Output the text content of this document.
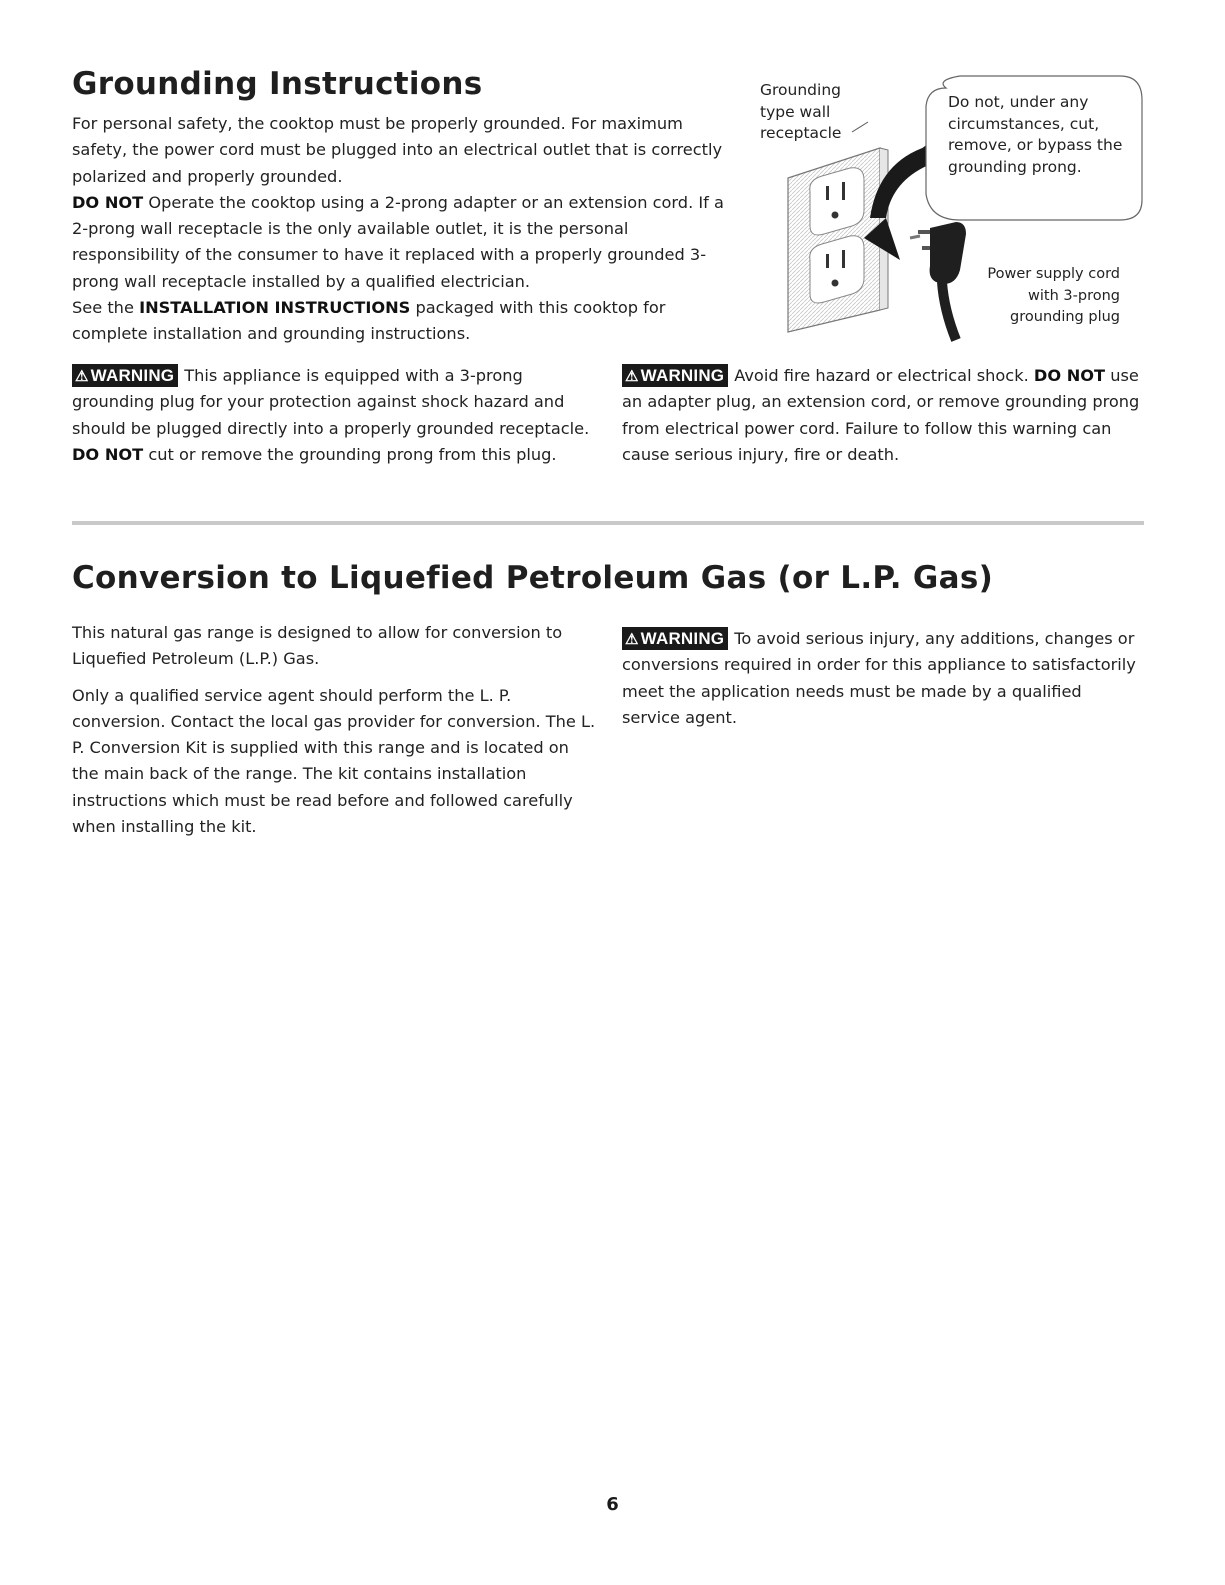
Grounding Instructions

For personal safety, the cooktop must be properly grounded. For maximum safety, the power cord must be plugged into an electrical outlet that is correctly polarized and properly grounded.

DO NOT Operate the cooktop using a 2-prong adapter or an extension cord. If a 2-prong wall receptacle is the only available outlet, it is the personal responsibility of the consumer to have it replaced with a properly grounded 3-prong wall receptacle installed by a qualified electrician.

See the INSTALLATION INSTRUCTIONS packaged with this cooktop for complete installation and grounding instructions.

Grounding type wall receptacle
Do not, under any circumstances, cut, remove, or bypass the grounding prong.
Power supply cord with 3-prong grounding plug
⚠ WARNING This appliance is equipped with a 3-prong grounding plug for your protection against shock hazard and should be plugged directly into a properly grounded receptacle. DO NOT cut or remove the grounding prong from this plug.
⚠ WARNING Avoid fire hazard or electrical shock. DO NOT use an adapter plug, an extension cord, or remove grounding prong from electrical power cord. Failure to follow this warning can cause serious injury, fire or death.
Conversion to Liquefied Petroleum Gas (or L.P. Gas)

This natural gas range is designed to allow for conversion to Liquefied Petroleum (L.P.) Gas.

Only a qualified service agent should perform the L. P. conversion. Contact the local gas provider for conversion. The L. P. Conversion Kit is supplied with this range and is located on the main back of the range. The kit contains installation instructions which must be read before and followed carefully when installing the kit.

⚠ WARNING To avoid serious injury, any additions, changes or conversions required in order for this appliance to satisfactorily meet the application needs must be made by a qualified service agent.
6
